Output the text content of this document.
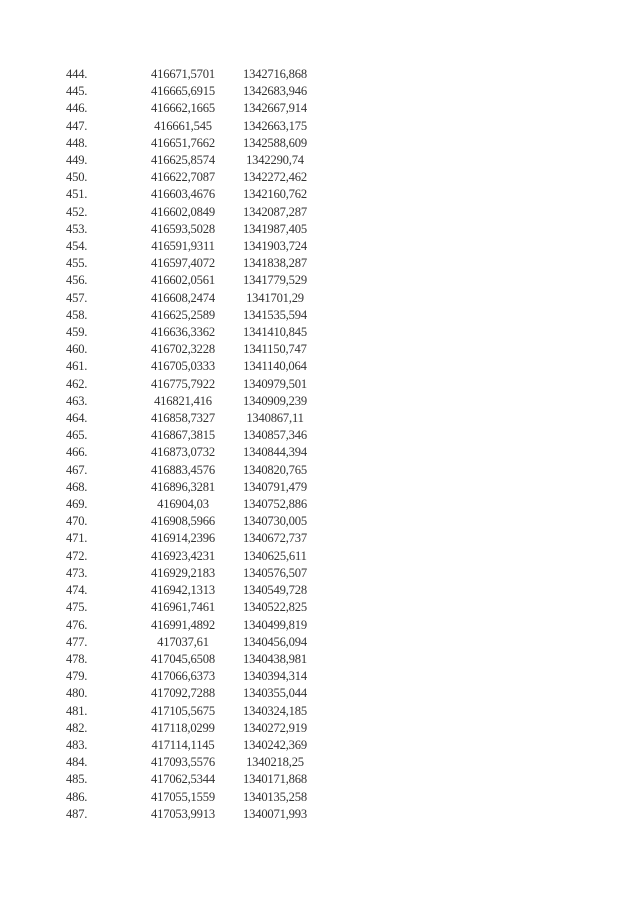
444.	416671,5701	1342716,868
445.	416665,6915	1342683,946
446.	416662,1665	1342667,914
447.	416661,545	1342663,175
448.	416651,7662	1342588,609
449.	416625,8574	1342290,74
450.	416622,7087	1342272,462
451.	416603,4676	1342160,762
452.	416602,0849	1342087,287
453.	416593,5028	1341987,405
454.	416591,9311	1341903,724
455.	416597,4072	1341838,287
456.	416602,0561	1341779,529
457.	416608,2474	1341701,29
458.	416625,2589	1341535,594
459.	416636,3362	1341410,845
460.	416702,3228	1341150,747
461.	416705,0333	1341140,064
462.	416775,7922	1340979,501
463.	416821,416	1340909,239
464.	416858,7327	1340867,11
465.	416867,3815	1340857,346
466.	416873,0732	1340844,394
467.	416883,4576	1340820,765
468.	416896,3281	1340791,479
469.	416904,03	1340752,886
470.	416908,5966	1340730,005
471.	416914,2396	1340672,737
472.	416923,4231	1340625,611
473.	416929,2183	1340576,507
474.	416942,1313	1340549,728
475.	416961,7461	1340522,825
476.	416991,4892	1340499,819
477.	417037,61	1340456,094
478.	417045,6508	1340438,981
479.	417066,6373	1340394,314
480.	417092,7288	1340355,044
481.	417105,5675	1340324,185
482.	417118,0299	1340272,919
483.	417114,1145	1340242,369
484.	417093,5576	1340218,25
485.	417062,5344	1340171,868
486.	417055,1559	1340135,258
487.	417053,9913	1340071,993
